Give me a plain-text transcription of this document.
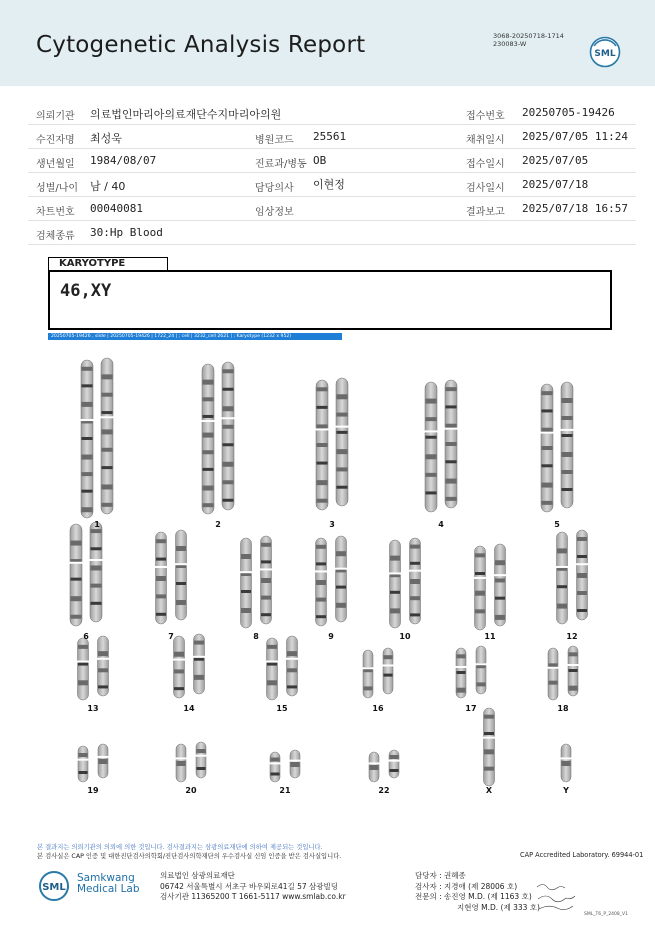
Cytogenetic Analysis Report	3068-20250718-1714
230083-W
SML
의뢰기관 의료법인마리아의료재단수지마리아의원	접수번호 20250705-19426
수진자명 최성욱	병원코드 25561	채취일시 2025/07/05 11:24
생년월일 1984/08/07	진료과/병동 OB	접수일시 2025/07/05
성별/나이 남 / 40	담당의사 이현정	검사일시 2025/07/18
차트번호 00040081	임상정보	결과보고 2025/07/18 16:57
검체종류 30:Hp Blood
KARYOTYPE
46,XY
20250705-19426 , slide | 20250705-19426 | 1722_24 | ; cell | 3232_cell 2621 | ; Karyotype (1232 x 952)
1	2	3	4	5
6	7	8	9	10	11	12
13	14	15	16	17	18
19	20	21	22	X	Y
본 결과지는 의뢰기관의 의뢰에 의한 것입니다. 검사결과지는 삼광의료재단에 의하여 제공되는 것입니다.
본 검사실은 CAP 인증 및 대한진단검사의학회/진단검사의학재단의 우수검사실 신임 인증을 받은 검사실입니다.	CAP Accredited Laboratory. 69944-01
SML
Samkwang
Medical Lab
의료법인 삼광의료재단
06742 서울특별시 서초구 바우뫼로41길 57 삼광빌딩
검사기관 11365200 T 1661-5117 www.smlab.co.kr
담당자 : 권혜종
검사자 : 지경애 (제 28006 호)
전문의 : 송진영 M.D. (제 1163 호)
지현영 M.D. (제 333 호)
SML_T6_P_2408_V1
